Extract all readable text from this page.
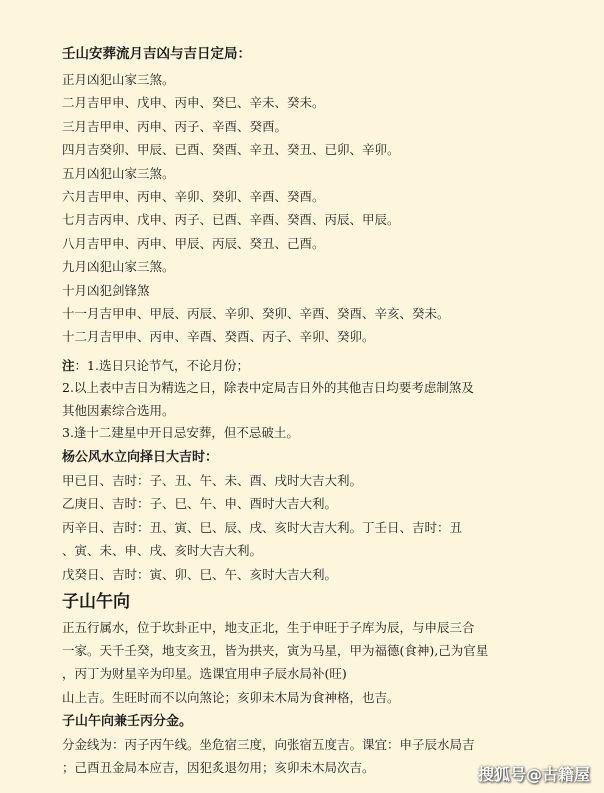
壬山安葬流月吉凶与吉日定局：
正月凶犯山家三煞。
二月吉甲申、戊申、丙申、癸巳、辛未、癸未。
三月吉甲申、丙申、丙子、辛酉、癸酉。
四月吉癸卯、甲辰、已酉、癸酉、辛丑、癸丑、已卯、辛卯。
五月凶犯山家三煞。
六月吉甲申、丙申、辛卯、癸卯、辛酉、癸酉。
七月吉丙申、戊申、丙子、已酉、辛酉、癸酉、丙辰、甲辰。
八月吉甲申、丙申、甲辰、丙辰、癸丑、己酉。
九月凶犯山家三煞。
十月凶犯剑锋煞
十一月吉甲申、甲辰、丙辰、辛卯、癸卯、辛酉、癸酉、辛亥、癸未。
十二月吉甲申、丙申、辛酉、癸酉、丙子、辛卯、癸卯。
注：1.选日只论节气，不论月份；
2.以上表中吉日为精选之日，除表中定局吉日外的其他吉日均要考虑制煞及
其他因素综合选用。
3.逢十二建星中开日忌安葬，但不忌破土。
杨公风水立向择日大吉时：
甲已日、吉时：子、丑、午、未、酉、戌时大吉大利。
乙庚日、吉时：子、巳、午、申、酉时大吉大利。
丙辛日、吉时：丑、寅、巳、辰、戌、亥时大吉大利。丁壬日、吉时：丑
、寅、未、申、戌、亥时大吉大利。
戊癸日、吉时：寅、卯、巳、午、亥时大吉大利。
子山午向
正五行属水，位于坎卦正中，地支正北，生于申旺于子库为辰，与申辰三合
一家。天千壬癸，地支亥丑，皆为拱夹，寅为马星，甲为福德(食神),己为官星
，丙丁为财星辛为印星。选课宜用申子辰水局补(旺)
山上吉。生旺时而不以向煞论；亥卯未木局为食神格，也吉。
子山午向兼壬丙分金。
分金线为：丙子丙午线。坐危宿三度，向张宿五度吉。课宜：申子辰水局吉
；己酉丑金局本应吉，因犯炙退勿用；亥卯未木局次吉。	搜狐号@古籍屋
